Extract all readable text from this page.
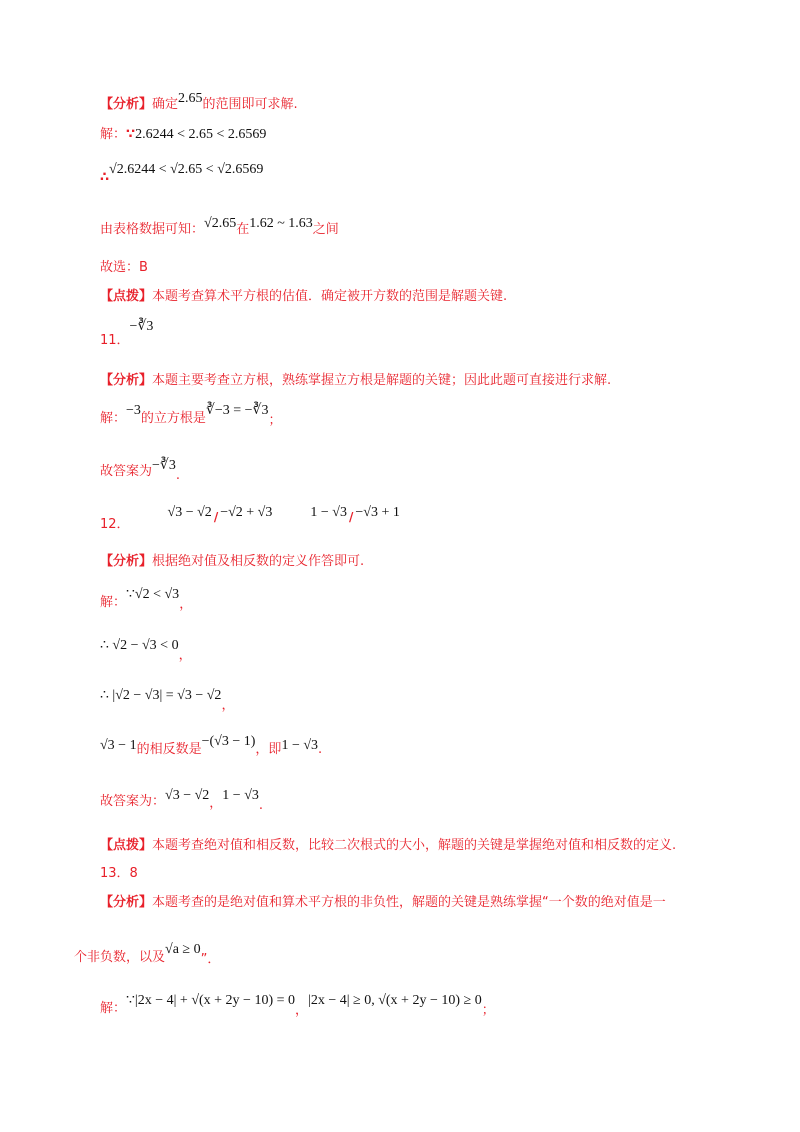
【分析】确定2.65的范围即可求解.
解：∵2.6244 < 2.65 < 2.6569
∴√2.6244 < √2.65 < √2.6569
由表格数据可知：√2.65在1.62 ~ 1.63之间
故选：B
【点拨】本题考查算术平方根的估值．确定被开方数的范围是解题关键.
11．−∛3
【分析】本题主要考查立方根，熟练掌握立方根是解题的关键；因此此题可直接进行求解.
解：−3的立方根是∛−3 = −∛3；
故答案为−∛3.
12．√3 − √2 / −√2 + √3	1 − √3 / −√3 + 1
【分析】根据绝对值及相反数的定义作答即可.
解：∵√2 < √3，
∴ √2 − √3 < 0，
∴ |√2 − √3| = √3 − √2，
√3 − 1的相反数是−(√3 − 1)，即1 − √3.
故答案为：√3 − √2，1 − √3.
【点拨】本题考查绝对值和相反数，比较二次根式的大小，解题的关键是掌握绝对值和相反数的定义.
13．8
【分析】本题考查的是绝对值和算术平方根的非负性，解题的关键是熟练掌握“一个数的绝对值是一
个非负数，以及√a ≥ 0”．
解：∵|2x − 4| + √(x + 2y − 10) = 0，|2x − 4| ≥ 0, √(x + 2y − 10) ≥ 0；
